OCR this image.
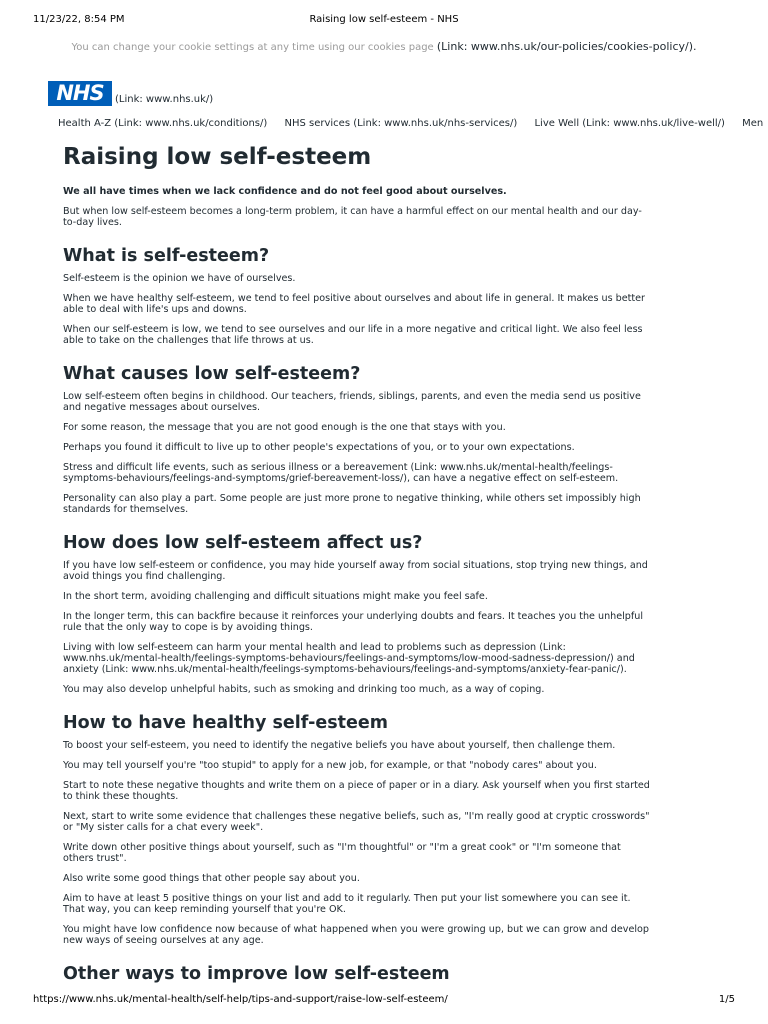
11/23/22, 8:54 PM	Raising low self-esteem - NHS
You can change your cookie settings at any time using our cookies page (Link: www.nhs.uk/our-policies/cookies-policy/).
NHS	(Link: www.nhs.uk/)
Health A-Z (Link: www.nhs.uk/conditions/) NHS services (Link: www.nhs.uk/nhs-services/) Live Well (Link: www.nhs.uk/live-well/) Men
Raising low self-esteem

We all have times when we lack confidence and do not feel good about ourselves.

But when low self-esteem becomes a long-term problem, it can have a harmful effect on our mental health and our day-to-day lives.

What is self-esteem?

Self-esteem is the opinion we have of ourselves.

When we have healthy self-esteem, we tend to feel positive about ourselves and about life in general. It makes us better able to deal with life's ups and downs.

When our self-esteem is low, we tend to see ourselves and our life in a more negative and critical light. We also feel less able to take on the challenges that life throws at us.

What causes low self-esteem?

Low self-esteem often begins in childhood. Our teachers, friends, siblings, parents, and even the media send us positive and negative messages about ourselves.

For some reason, the message that you are not good enough is the one that stays with you.

Perhaps you found it difficult to live up to other people's expectations of you, or to your own expectations.

Stress and difficult life events, such as serious illness or a bereavement (Link: www.nhs.uk/mental-health/feelings-symptoms-behaviours/feelings-and-symptoms/grief-bereavement-loss/), can have a negative effect on self-esteem.

Personality can also play a part. Some people are just more prone to negative thinking, while others set impossibly high standards for themselves.

How does low self-esteem affect us?

If you have low self-esteem or confidence, you may hide yourself away from social situations, stop trying new things, and avoid things you find challenging.

In the short term, avoiding challenging and difficult situations might make you feel safe.

In the longer term, this can backfire because it reinforces your underlying doubts and fears. It teaches you the unhelpful rule that the only way to cope is by avoiding things.

Living with low self-esteem can harm your mental health and lead to problems such as depression (Link: www.nhs.uk/mental-health/feelings-symptoms-behaviours/feelings-and-symptoms/low-mood-sadness-depression/) and anxiety (Link: www.nhs.uk/mental-health/feelings-symptoms-behaviours/feelings-and-symptoms/anxiety-fear-panic/).

You may also develop unhelpful habits, such as smoking and drinking too much, as a way of coping.

How to have healthy self-esteem

To boost your self-esteem, you need to identify the negative beliefs you have about yourself, then challenge them.

You may tell yourself you're "too stupid" to apply for a new job, for example, or that "nobody cares" about you.

Start to note these negative thoughts and write them on a piece of paper or in a diary. Ask yourself when you first started to think these thoughts.

Next, start to write some evidence that challenges these negative beliefs, such as, "I'm really good at cryptic crosswords" or "My sister calls for a chat every week".

Write down other positive things about yourself, such as "I'm thoughtful" or "I'm a great cook" or "I'm someone that others trust".

Also write some good things that other people say about you.

Aim to have at least 5 positive things on your list and add to it regularly. Then put your list somewhere you can see it. That way, you can keep reminding yourself that you're OK.

You might have low confidence now because of what happened when you were growing up, but we can grow and develop new ways of seeing ourselves at any age.

Other ways to improve low self-esteem
https://www.nhs.uk/mental-health/self-help/tips-and-support/raise-low-self-esteem/	1/5
